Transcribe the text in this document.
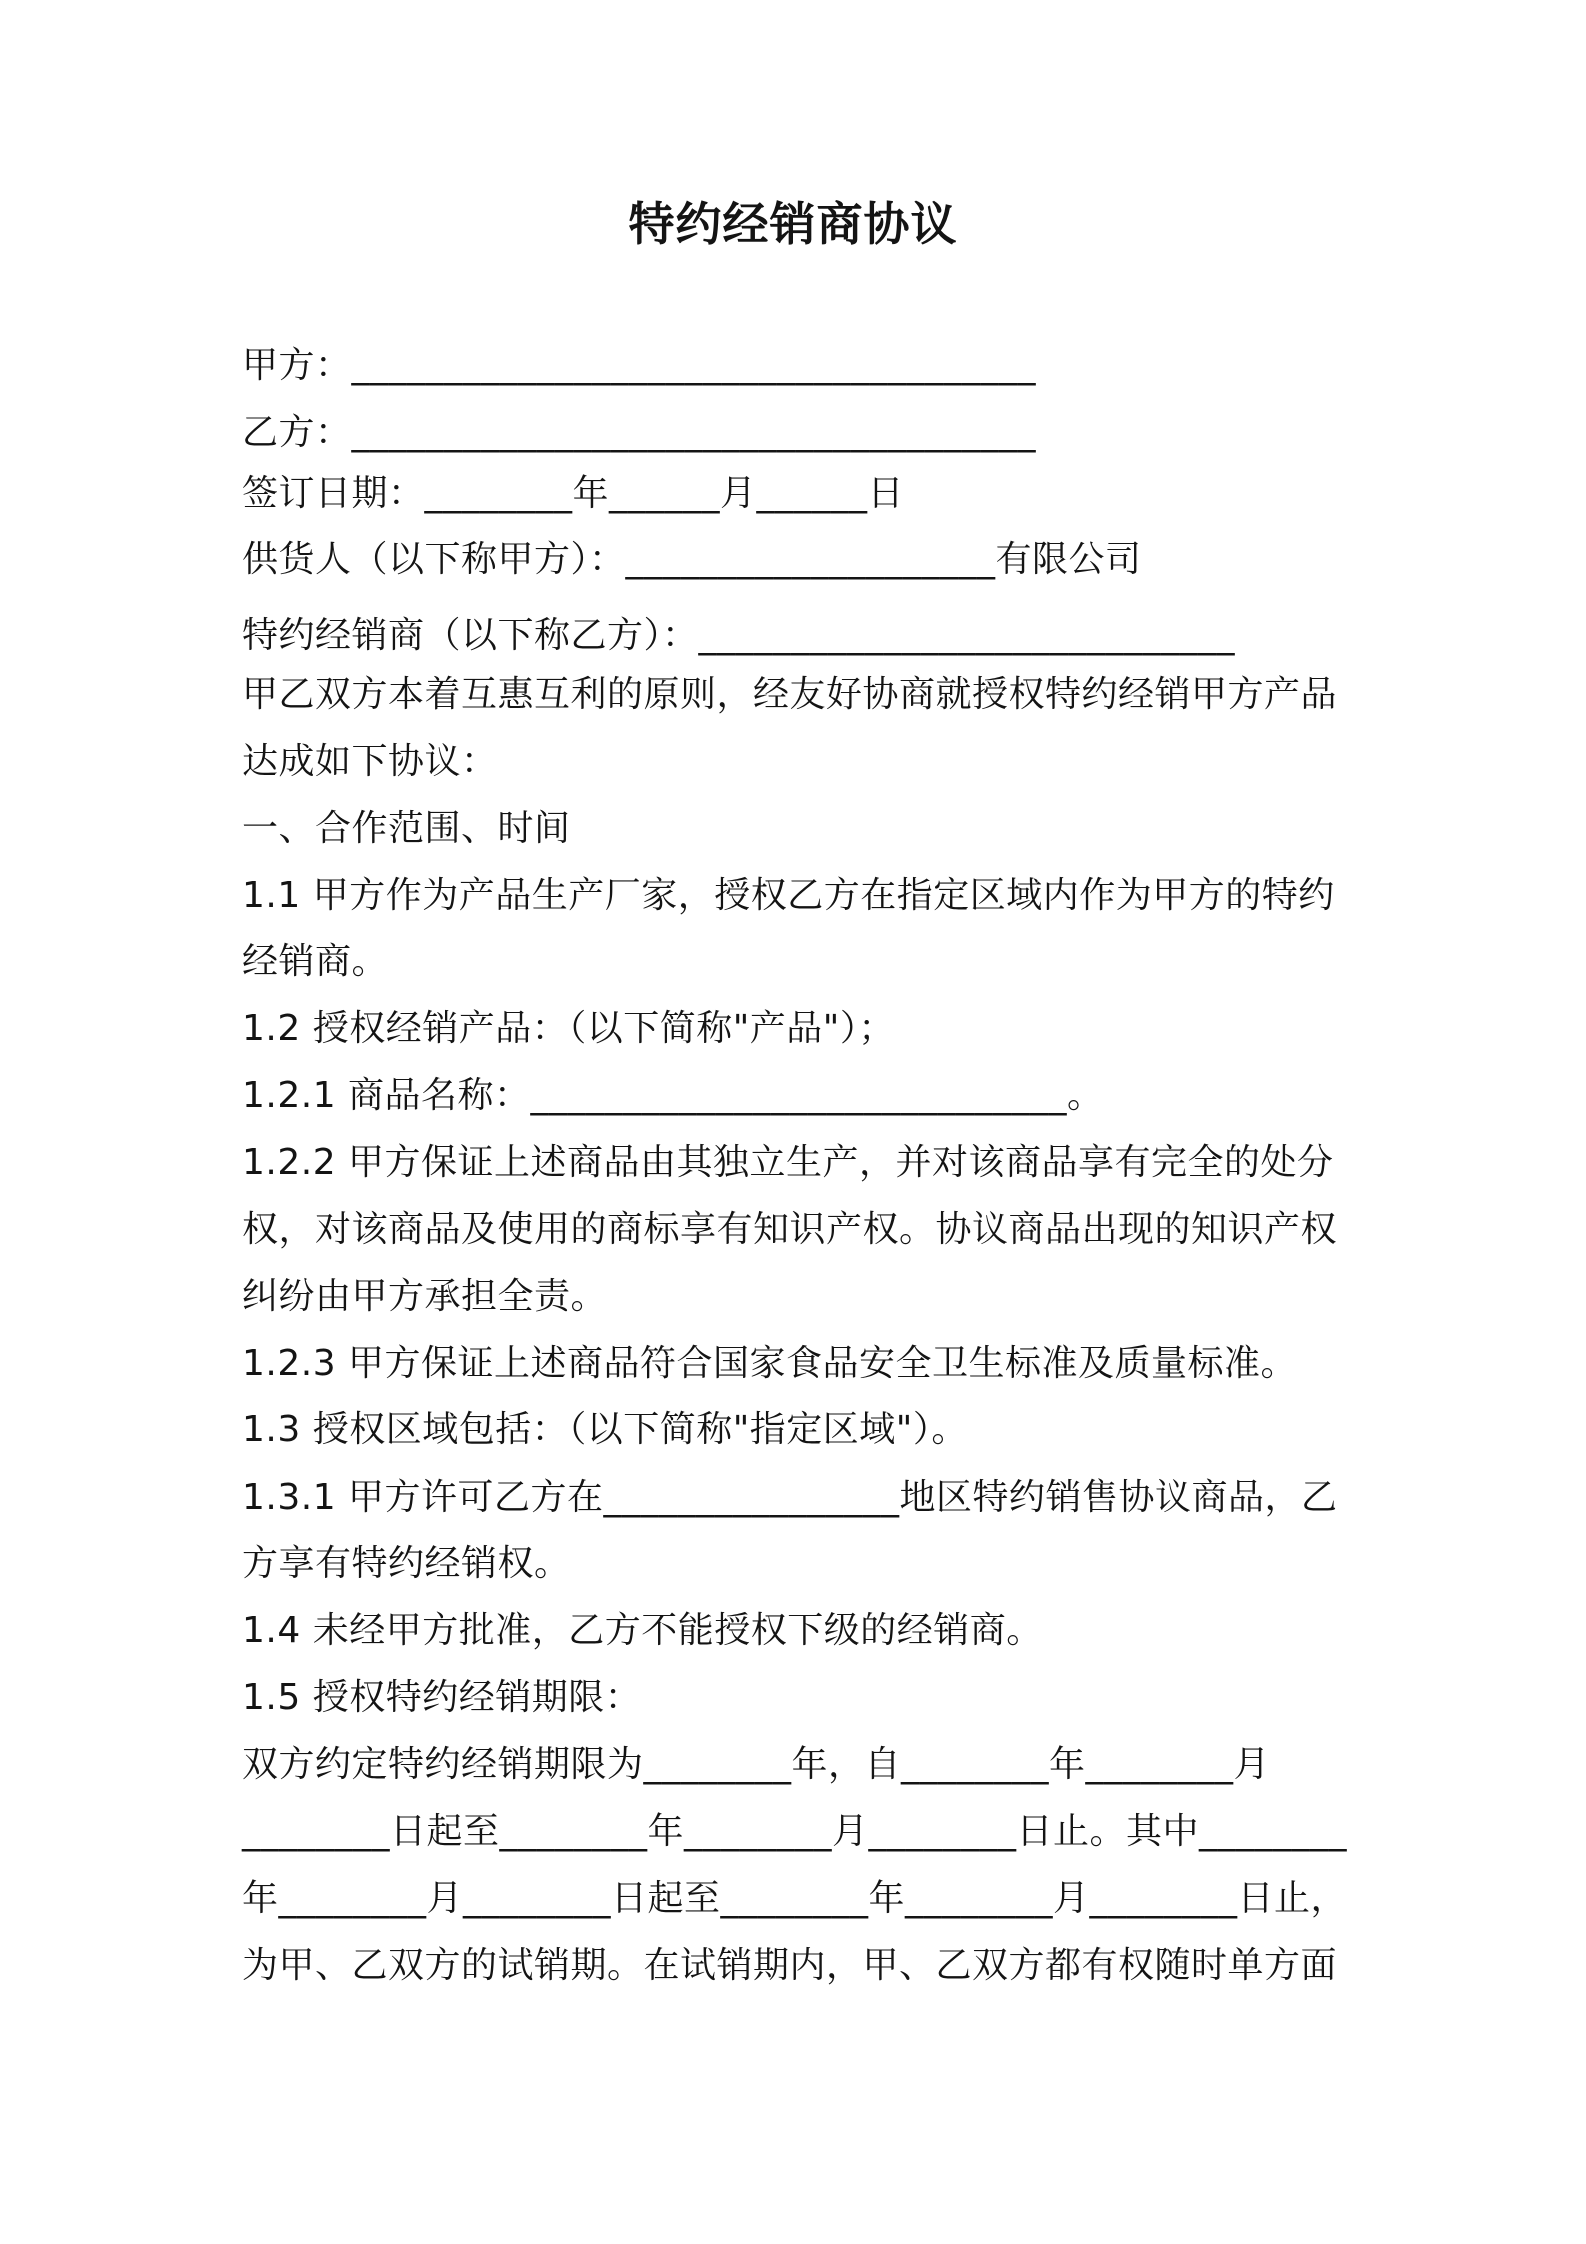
特约经销商协议
甲方：_____________________________________
乙方：_____________________________________
签订日期：________年______月______日
供货人（以下称甲方）：____________________有限公司
特约经销商（以下称乙方）：_____________________________
甲乙双方本着互惠互利的原则，经友好协商就授权特约经销甲方产品
达成如下协议：
一、合作范围、时间
1.1 甲方作为产品生产厂家，授权乙方在指定区域内作为甲方的特约
经销商。
1.2 授权经销产品：（以下简称"产品"）；
1.2.1 商品名称：_____________________________。
1.2.2 甲方保证上述商品由其独立生产，并对该商品享有完全的处分
权，对该商品及使用的商标享有知识产权。协议商品出现的知识产权
纠纷由甲方承担全责。
1.2.3 甲方保证上述商品符合国家食品安全卫生标准及质量标准。
1.3 授权区域包括：（以下简称"指定区域"）。
1.3.1 甲方许可乙方在________________地区特约销售协议商品，乙
方享有特约经销权。
1.4 未经甲方批准，乙方不能授权下级的经销商。
1.5 授权特约经销期限：
双方约定特约经销期限为________年，自________年________月
________日起至________年________月________日止。其中________
年________月________日起至________年________月________日止，
为甲、乙双方的试销期。在试销期内，甲、乙双方都有权随时单方面
